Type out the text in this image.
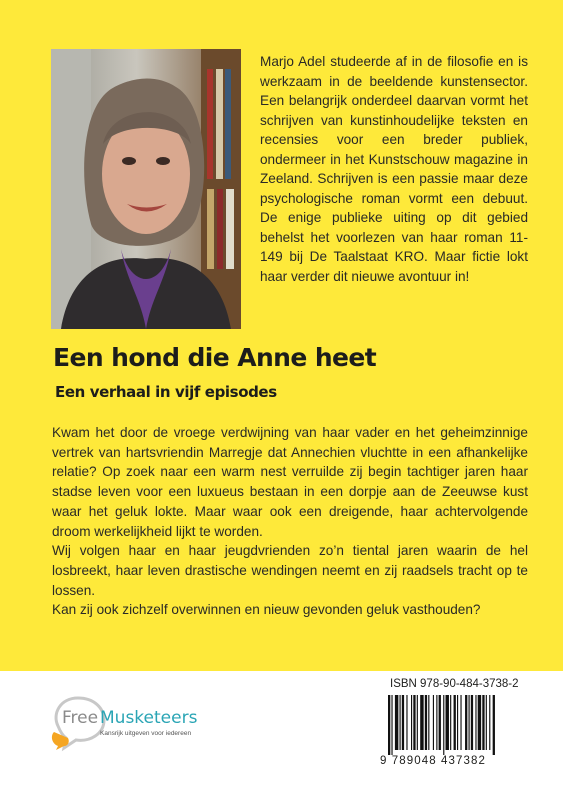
Marjo Adel studeerde af in de filosofie en is werkzaam in de beeldende kunstensector. Een belangrijk onderdeel daarvan vormt het schrijven van kunstinhoudelijke teksten en recensies voor een breder publiek, ondermeer in het Kunstschouw magazine in Zeeland. Schrijven is een passie maar deze psychologische roman vormt een debuut. De enige publieke uiting op dit gebied behelst het voorlezen van haar roman 11-149 bij De Taalstaat KRO. Maar fictie lokt haar verder dit nieuwe avontuur in!

Een hond die Anne heet
Een verhaal in vijf episodes

Kwam het door de vroege verdwijning van haar vader en het geheimzinnige vertrek van hartsvriendin Marregje dat Annechien vluchtte in een afhankelijke relatie? Op zoek naar een warm nest verruilde zij begin tachtiger jaren haar stadse leven voor een luxueus bestaan in een dorpje aan de Zeeuwse kust waar het geluk lokte. Maar waar ook een dreigende, haar achtervolgende droom werkelijkheid lijkt te worden.

Wij volgen haar en haar jeugdvrienden zo’n tiental jaren waarin de hel losbreekt, haar leven drastische wendingen neemt en zij raadsels tracht op te lossen.

Kan zij ook zichzelf overwinnen en nieuw gevonden geluk vasthouden?

Free Musketeers
Kansrijk uitgeven voor iedereen
ISBN 978-90-484-3738-2
9 789048 437382
